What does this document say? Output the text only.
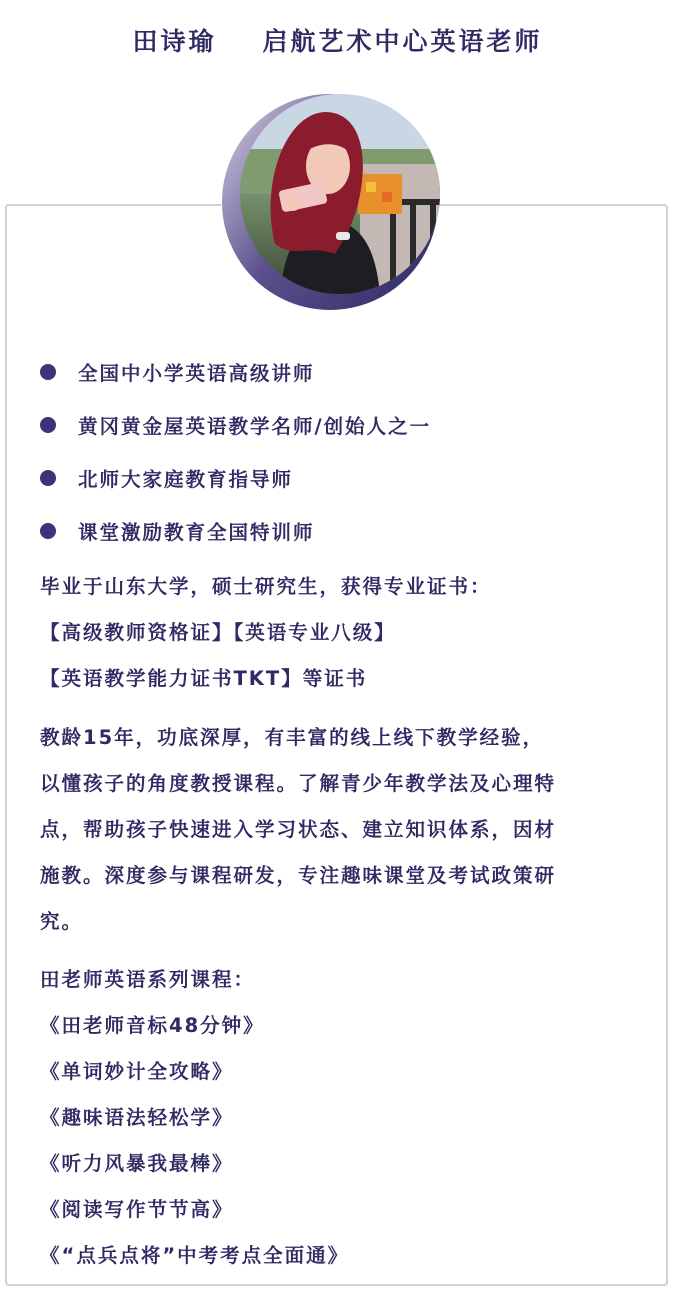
田诗瑜 启航艺术中心英语老师
全国中小学英语高级讲师
黄冈黄金屋英语教学名师/创始人之一
北师大家庭教育指导师
课堂激励教育全国特训师
毕业于山东大学，硕士研究生，获得专业证书：
【高级教师资格证】【英语专业八级】
【英语教学能力证书TKT】等证书
教龄15年，功底深厚，有丰富的线上线下教学经验，
以懂孩子的角度教授课程。了解青少年教学法及心理特
点，帮助孩子快速进入学习状态、建立知识体系，因材
施教。深度参与课程研发，专注趣味课堂及考试政策研
究。
田老师英语系列课程：
《田老师音标48分钟》
《单词妙计全攻略》
《趣味语法轻松学》
《听力风暴我最棒》
《阅读写作节节高》
《“点兵点将”中考考点全面通》
